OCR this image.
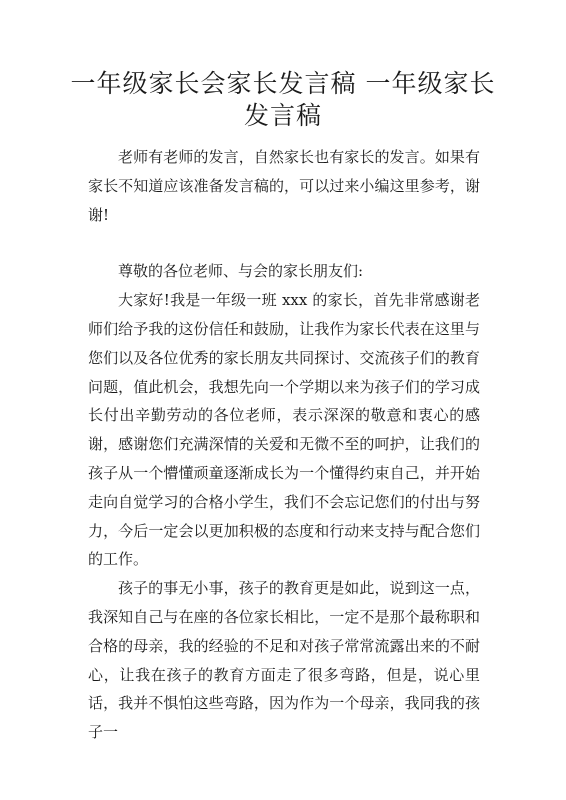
一年级家长会家长发言稿 一年级家长
发言稿

老师有老师的发言，自然家长也有家长的发言。如果有家长不知道应该准备发言稿的，可以过来小编这里参考，谢谢!

尊敬的各位老师、与会的家长朋友们:

大家好!我是一年级一班 xxx 的家长，首先非常感谢老师们给予我的这份信任和鼓励，让我作为家长代表在这里与您们以及各位优秀的家长朋友共同探讨、交流孩子们的教育问题，值此机会，我想先向一个学期以来为孩子们的学习成长付出辛勤劳动的各位老师，表示深深的敬意和衷心的感谢，感谢您们充满深情的关爱和无微不至的呵护，让我们的孩子从一个懵懂顽童逐渐成长为一个懂得约束自己，并开始走向自觉学习的合格小学生，我们不会忘记您们的付出与努力，今后一定会以更加积极的态度和行动来支持与配合您们的工作。

孩子的事无小事，孩子的教育更是如此，说到这一点，我深知自己与在座的各位家长相比，一定不是那个最称职和合格的母亲，我的经验的不足和对孩子常常流露出来的不耐心，让我在孩子的教育方面走了很多弯路，但是，说心里话，我并不惧怕这些弯路，因为作为一个母亲，我同我的孩子一
